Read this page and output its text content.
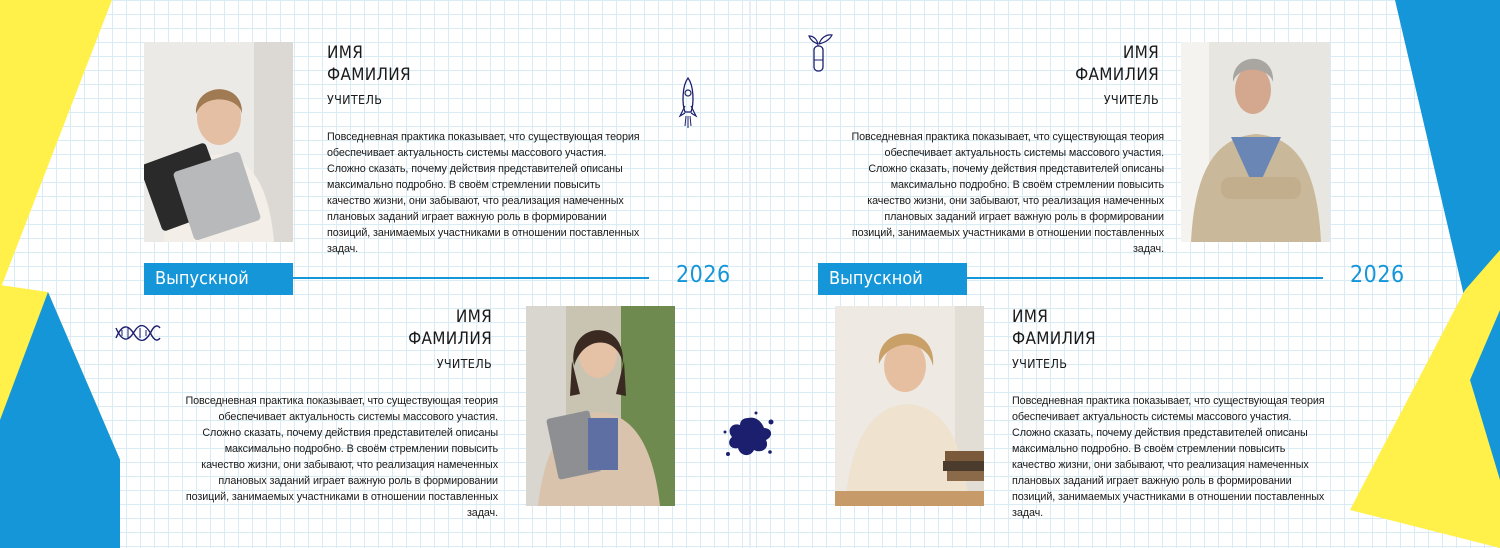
ИМЯ
ФАМИЛИЯ
УЧИТЕЛЬ
Повседневная практика показывает, что существующая теория обеспечивает актуальность системы массового участия. Сложно сказать, почему действия представителей описаны максимально подробно. В своём стремлении повысить качество жизни, они забывают, что реализация намеченных плановых заданий играет важную роль в формировании позиций, занимаемых участниками в отношении поставленных задач.
Выпускной	2026
ИМЯ
ФАМИЛИЯ
УЧИТЕЛЬ
Повседневная практика показывает, что существующая теория обеспечивает актуальность системы массового участия. Сложно сказать, почему действия представителей описаны максимально подробно. В своём стремлении повысить качество жизни, они забывают, что реализация намеченных плановых заданий играет важную роль в формировании позиций, занимаемых участниками в отношении поставленных задач.
ИМЯ
ФАМИЛИЯ
УЧИТЕЛЬ
Повседневная практика показывает, что существующая теория обеспечивает актуальность системы массового участия. Сложно сказать, почему действия представителей описаны максимально подробно. В своём стремлении повысить качество жизни, они забывают, что реализация намеченных плановых заданий играет важную роль в формировании позиций, занимаемых участниками в отношении поставленных задач.
Выпускной	2026
ИМЯ
ФАМИЛИЯ
УЧИТЕЛЬ
Повседневная практика показывает, что существующая теория обеспечивает актуальность системы массового участия. Сложно сказать, почему действия представителей описаны максимально подробно. В своём стремлении повысить качество жизни, они забывают, что реализация намеченных плановых заданий играет важную роль в формировании позиций, занимаемых участниками в отношении поставленных задач.
